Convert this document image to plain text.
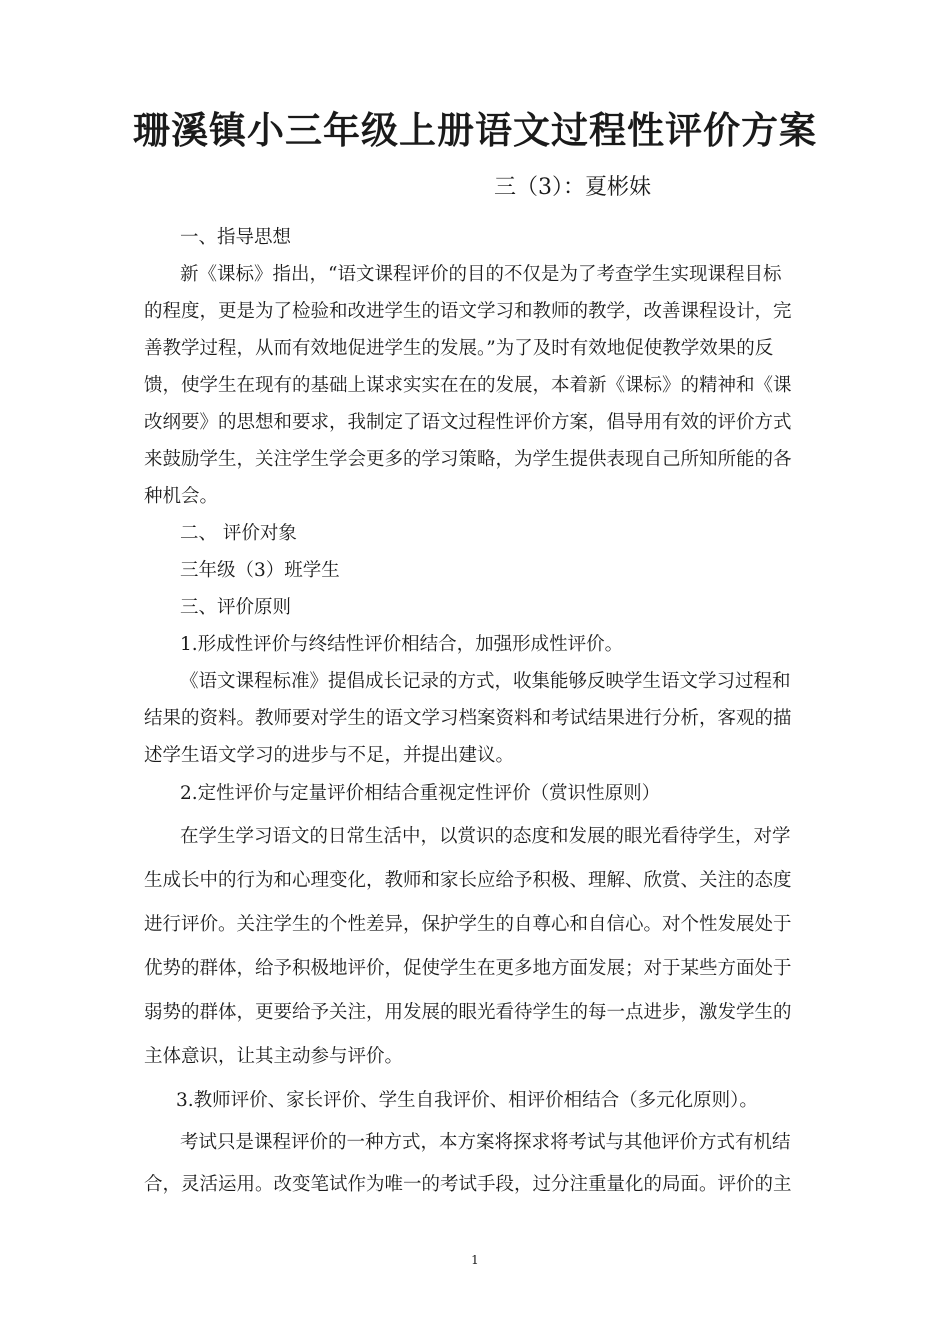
珊溪镇小三年级上册语文过程性评价方案
三（3）：夏彬妹

一、指导思想

新《课标》指出，“语文课程评价的目的不仅是为了考查学生实现课程目标

的程度，更是为了检验和改进学生的语文学习和教师的教学，改善课程设计，完

善教学过程，从而有效地促进学生的发展。”为了及时有效地促使教学效果的反

馈，使学生在现有的基础上谋求实实在在的发展，本着新《课标》的精神和《课

改纲要》的思想和要求，我制定了语文过程性评价方案，倡导用有效的评价方式

来鼓励学生，关注学生学会更多的学习策略，为学生提供表现自己所知所能的各

种机会。

二、 评价对象

三年级（3）班学生

三、评价原则

1.形成性评价与终结性评价相结合，加强形成性评价。

《语文课程标准》提倡成长记录的方式，收集能够反映学生语文学习过程和

结果的资料。教师要对学生的语文学习档案资料和考试结果进行分析，客观的描

述学生语文学习的进步与不足，并提出建议。

2.定性评价与定量评价相结合重视定性评价（赏识性原则）

在学生学习语文的日常生活中，以赏识的态度和发展的眼光看待学生，对学

生成长中的行为和心理变化，教师和家长应给予积极、理解、欣赏、关注的态度

进行评价。关注学生的个性差异，保护学生的自尊心和自信心。对个性发展处于

优势的群体，给予积极地评价，促使学生在更多地方面发展；对于某些方面处于

弱势的群体，更要给予关注，用发展的眼光看待学生的每一点进步，激发学生的

主体意识，让其主动参与评价。

3.教师评价、家长评价、学生自我评价、相评价相结合（多元化原则）。

考试只是课程评价的一种方式，本方案将探求将考试与其他评价方式有机结

合，灵活运用。改变笔试作为唯一的考试手段，过分注重量化的局面。评价的主

1
